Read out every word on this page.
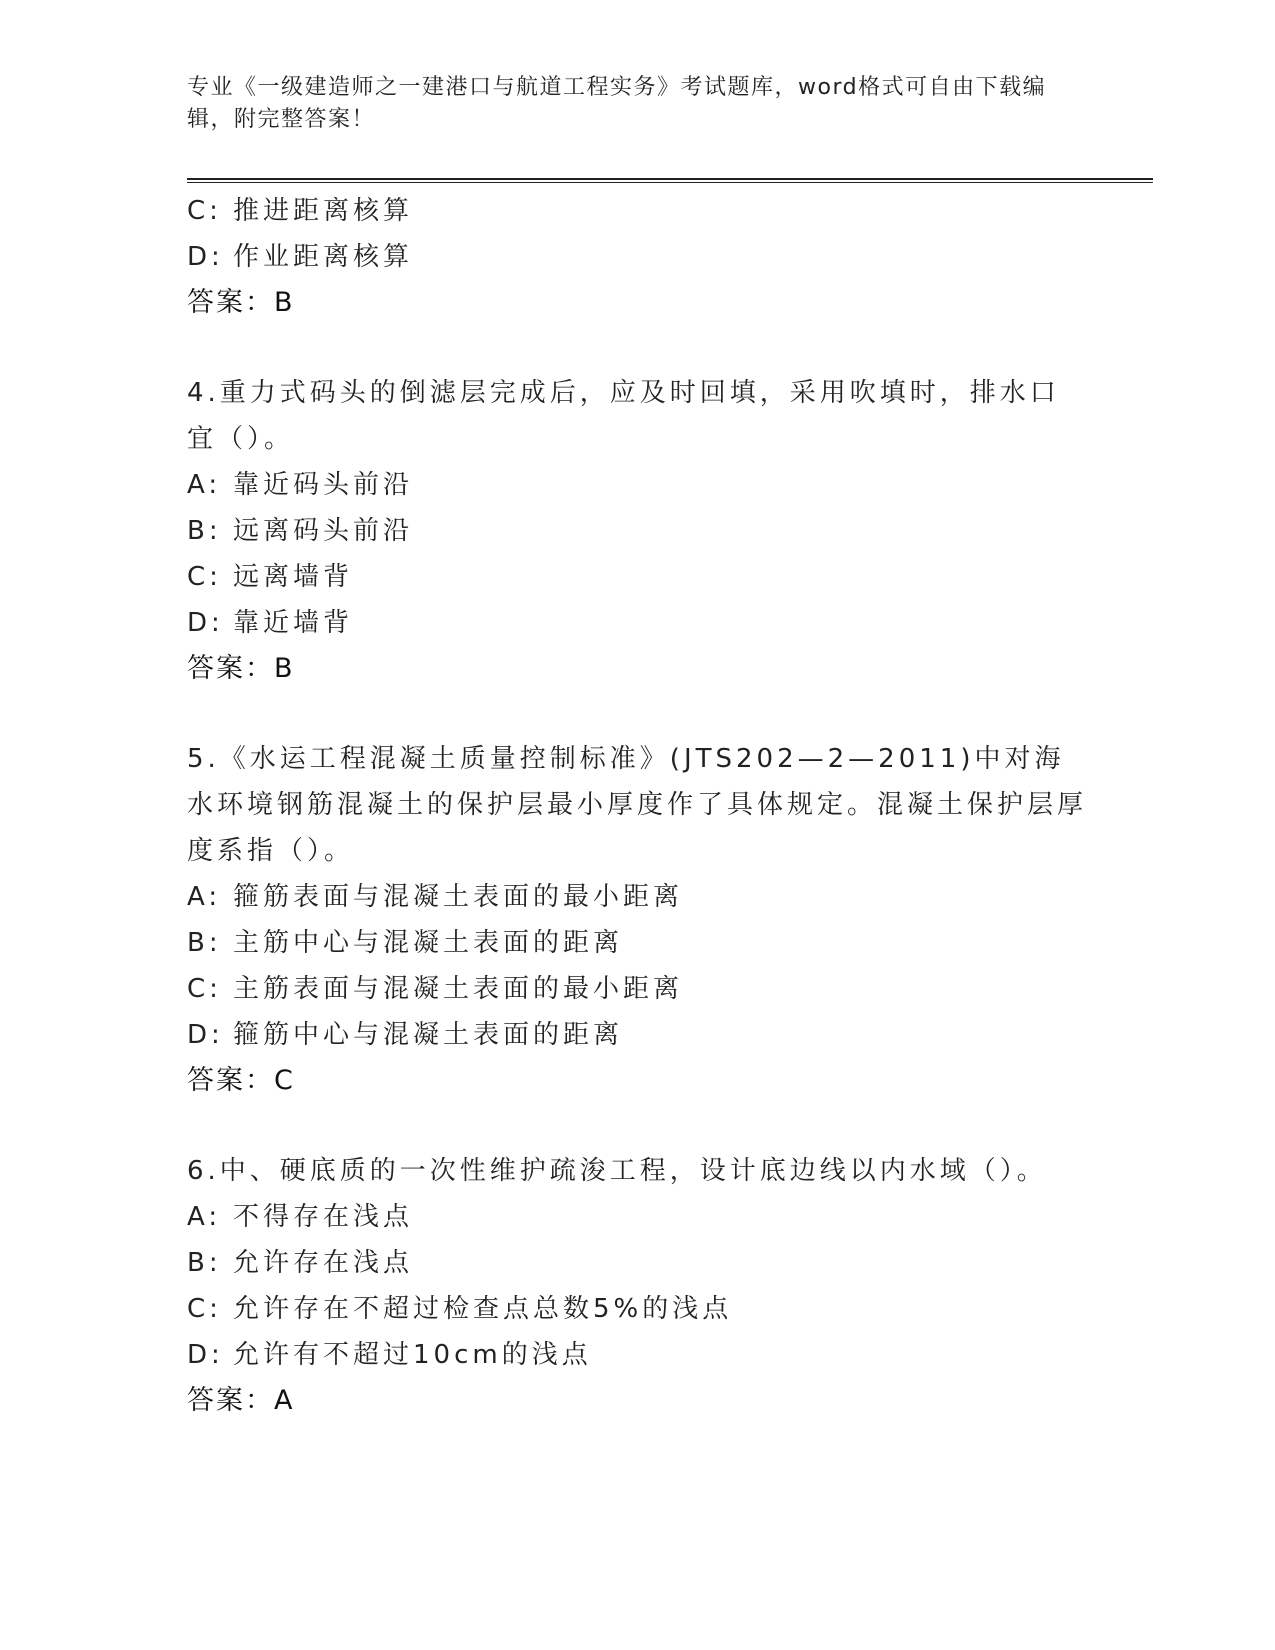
专业《一级建造师之一建港口与航道工程实务》考试题库，word格式可自由下载编辑，附完整答案！
C: 推进距离核算
D: 作业距离核算
答案：B
4.重力式码头的倒滤层完成后，应及时回填，采用吹填时，排水口宜（）。
A: 靠近码头前沿
B: 远离码头前沿
C: 远离墙背
D: 靠近墙背
答案：B
5.《水运工程混凝土质量控制标准》(JTS202—2—2011)中对海水环境钢筋混凝土的保护层最小厚度作了具体规定。混凝土保护层厚度系指（）。
A: 箍筋表面与混凝土表面的最小距离
B: 主筋中心与混凝土表面的距离
C: 主筋表面与混凝土表面的最小距离
D: 箍筋中心与混凝土表面的距离
答案：C
6.中、硬底质的一次性维护疏浚工程，设计底边线以内水域（）。
A: 不得存在浅点
B: 允许存在浅点
C: 允许存在不超过检查点总数5%的浅点
D: 允许有不超过10cm的浅点
答案：A
